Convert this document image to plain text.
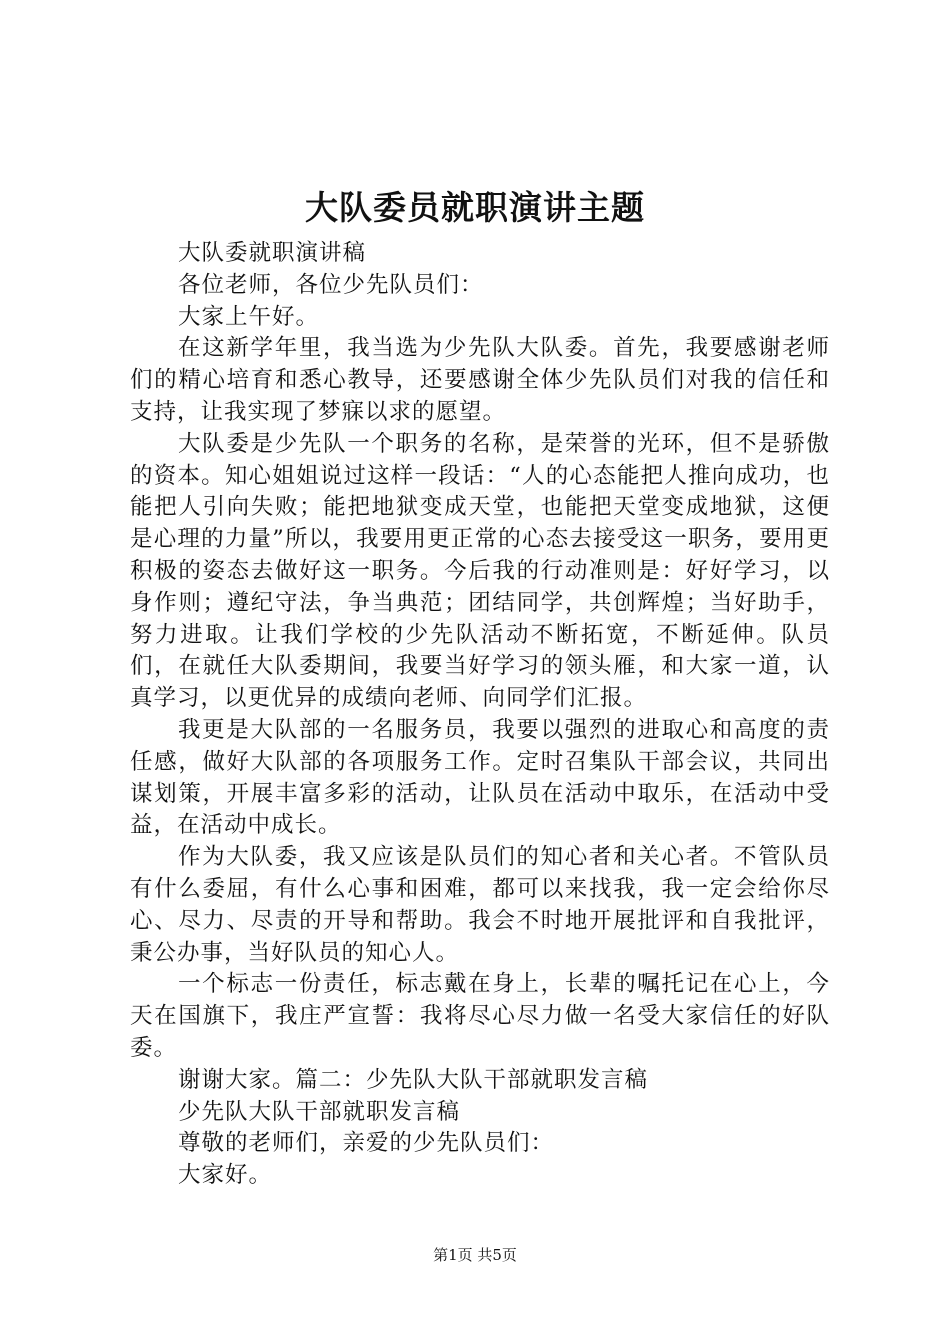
大队委员就职演讲主题

大队委就职演讲稿

各位老师，各位少先队员们：

大家上午好。

在这新学年里，我当选为少先队大队委。首先，我要感谢老师们的精心培育和悉心教导，还要感谢全体少先队员们对我的信任和支持，让我实现了梦寐以求的愿望。

大队委是少先队一个职务的名称，是荣誉的光环，但不是骄傲的资本。知心姐姐说过这样一段话：“人的心态能把人推向成功，也能把人引向失败；能把地狱变成天堂，也能把天堂变成地狱，这便是心理的力量”所以，我要用更正常的心态去接受这一职务，要用更积极的姿态去做好这一职务。今后我的行动准则是：好好学习，以身作则；遵纪守法，争当典范；团结同学，共创辉煌；当好助手，努力进取。让我们学校的少先队活动不断拓宽，不断延伸。队员们，在就任大队委期间，我要当好学习的领头雁，和大家一道，认真学习，以更优异的成绩向老师、向同学们汇报。

我更是大队部的一名服务员，我要以强烈的进取心和高度的责任感，做好大队部的各项服务工作。定时召集队干部会议，共同出谋划策，开展丰富多彩的活动，让队员在活动中取乐，在活动中受益，在活动中成长。

作为大队委，我又应该是队员们的知心者和关心者。不管队员有什么委屈，有什么心事和困难，都可以来找我，我一定会给你尽心、尽力、尽责的开导和帮助。我会不时地开展批评和自我批评，秉公办事，当好队员的知心人。

一个标志一份责任，标志戴在身上，长辈的嘱托记在心上，今天在国旗下，我庄严宣誓：我将尽心尽力做一名受大家信任的好队委。

谢谢大家。篇二：少先队大队干部就职发言稿

少先队大队干部就职发言稿

尊敬的老师们，亲爱的少先队员们：

大家好。

第1页 共5页
